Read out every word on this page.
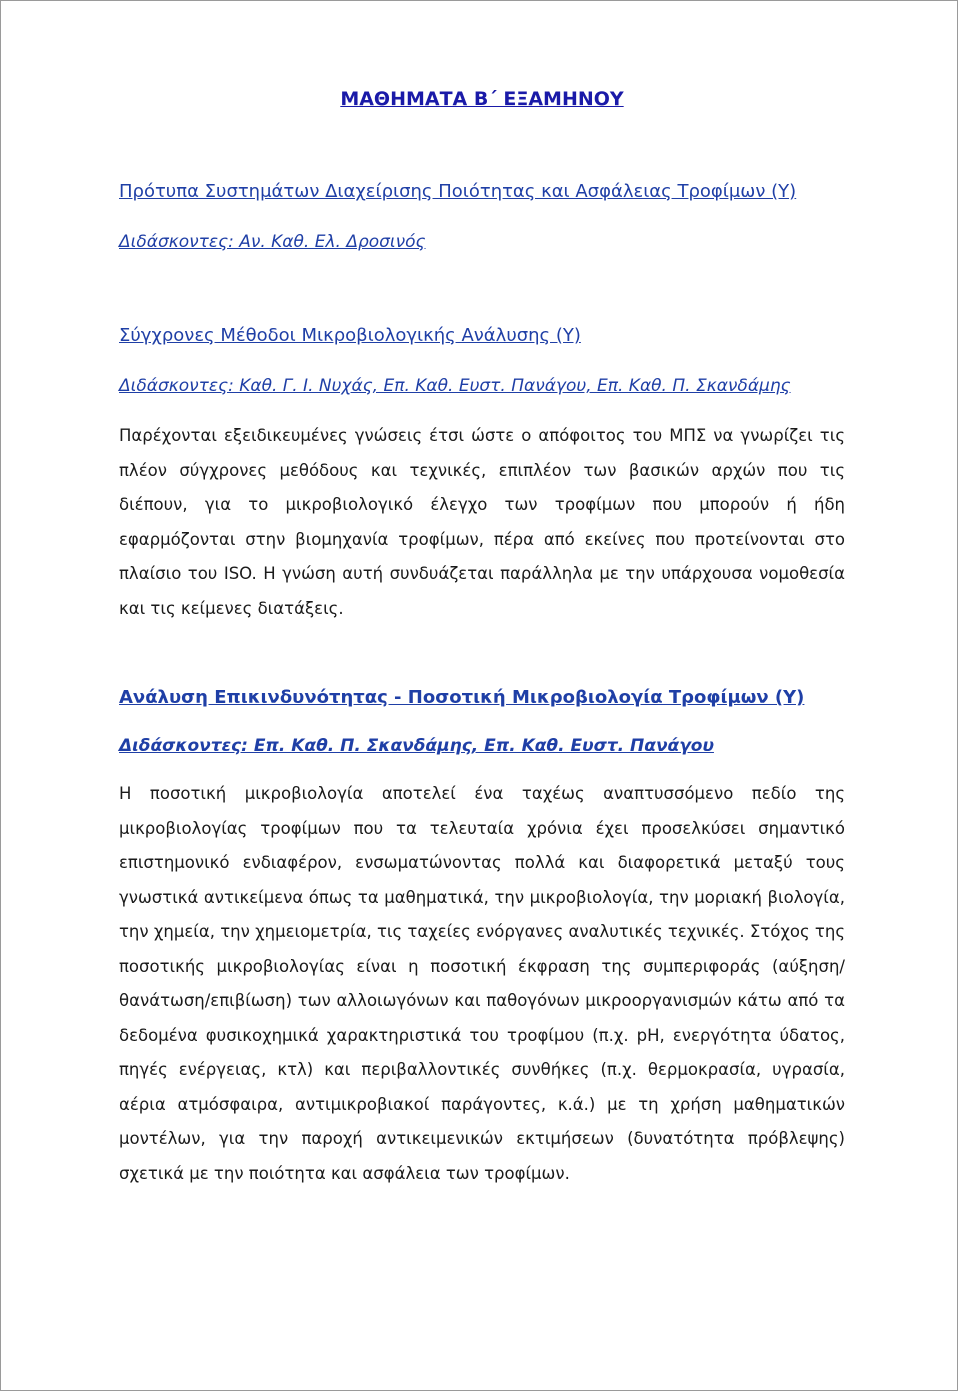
ΜΑΘΗΜΑΤΑ Β΄ ΕΞΑΜΗΝΟΥ

Πρότυπα Συστημάτων Διαχείρισης Ποιότητας και Ασφάλειας Τροφίμων (Υ)

Διδάσκοντες: Αν. Καθ. Ελ. Δροσινός

Σύγχρονες Μέθοδοι Μικροβιολογικής Ανάλυσης (Υ)

Διδάσκοντες: Καθ. Γ. Ι. Νυχάς, Επ. Καθ. Ευστ. Πανάγου, Επ. Καθ. Π. Σκανδάμης

Παρέχονται εξειδικευμένες γνώσεις έτσι ώστε ο απόφοιτος του ΜΠΣ να γνωρίζει τις πλέον σύγχρονες μεθόδους και τεχνικές, επιπλέον των βασικών αρχών που τις διέπουν, για το μικροβιολογικό έλεγχο των τροφίμων που μπορούν ή ήδη εφαρμόζονται στην βιομηχανία τροφίμων, πέρα από εκείνες που προτείνονται στο πλαίσιο του ISO. Η γνώση αυτή συνδυάζεται παράλληλα με την υπάρχουσα νομοθεσία και τις κείμενες διατάξεις.

Ανάλυση Επικινδυνότητας - Ποσοτική Μικροβιολογία Τροφίμων (Υ)

Διδάσκοντες: Επ. Καθ. Π. Σκανδάμης, Επ. Καθ. Ευστ. Πανάγου

Η ποσοτική μικροβιολογία αποτελεί ένα ταχέως αναπτυσσόμενο πεδίο της μικροβιολογίας τροφίμων που τα τελευταία χρόνια έχει προσελκύσει σημαντικό επιστημονικό ενδιαφέρον, ενσωματώνοντας πολλά και διαφορετικά μεταξύ τους γνωστικά αντικείμενα όπως τα μαθηματικά, την μικροβιολογία, την μοριακή βιολογία, την χημεία, την χημειομετρία, τις ταχείες ενόργανες αναλυτικές τεχνικές. Στόχος της ποσοτικής μικροβιολογίας είναι η ποσοτική έκφραση της συμπεριφοράς (αύξηση/θανάτωση/επιβίωση) των αλλοιωγόνων και παθογόνων μικροοργανισμών κάτω από τα δεδομένα φυσικοχημικά χαρακτηριστικά του τροφίμου (π.χ. pH, ενεργότητα ύδατος, πηγές ενέργειας, κτλ) και περιβαλλοντικές συνθήκες (π.χ. θερμοκρασία, υγρασία, αέρια ατμόσφαιρα, αντιμικροβιακοί παράγοντες, κ.ά.) με τη χρήση μαθηματικών μοντέλων, για την παροχή αντικειμενικών εκτιμήσεων (δυνατότητα πρόβλεψης) σχετικά με την ποιότητα και ασφάλεια των τροφίμων.
